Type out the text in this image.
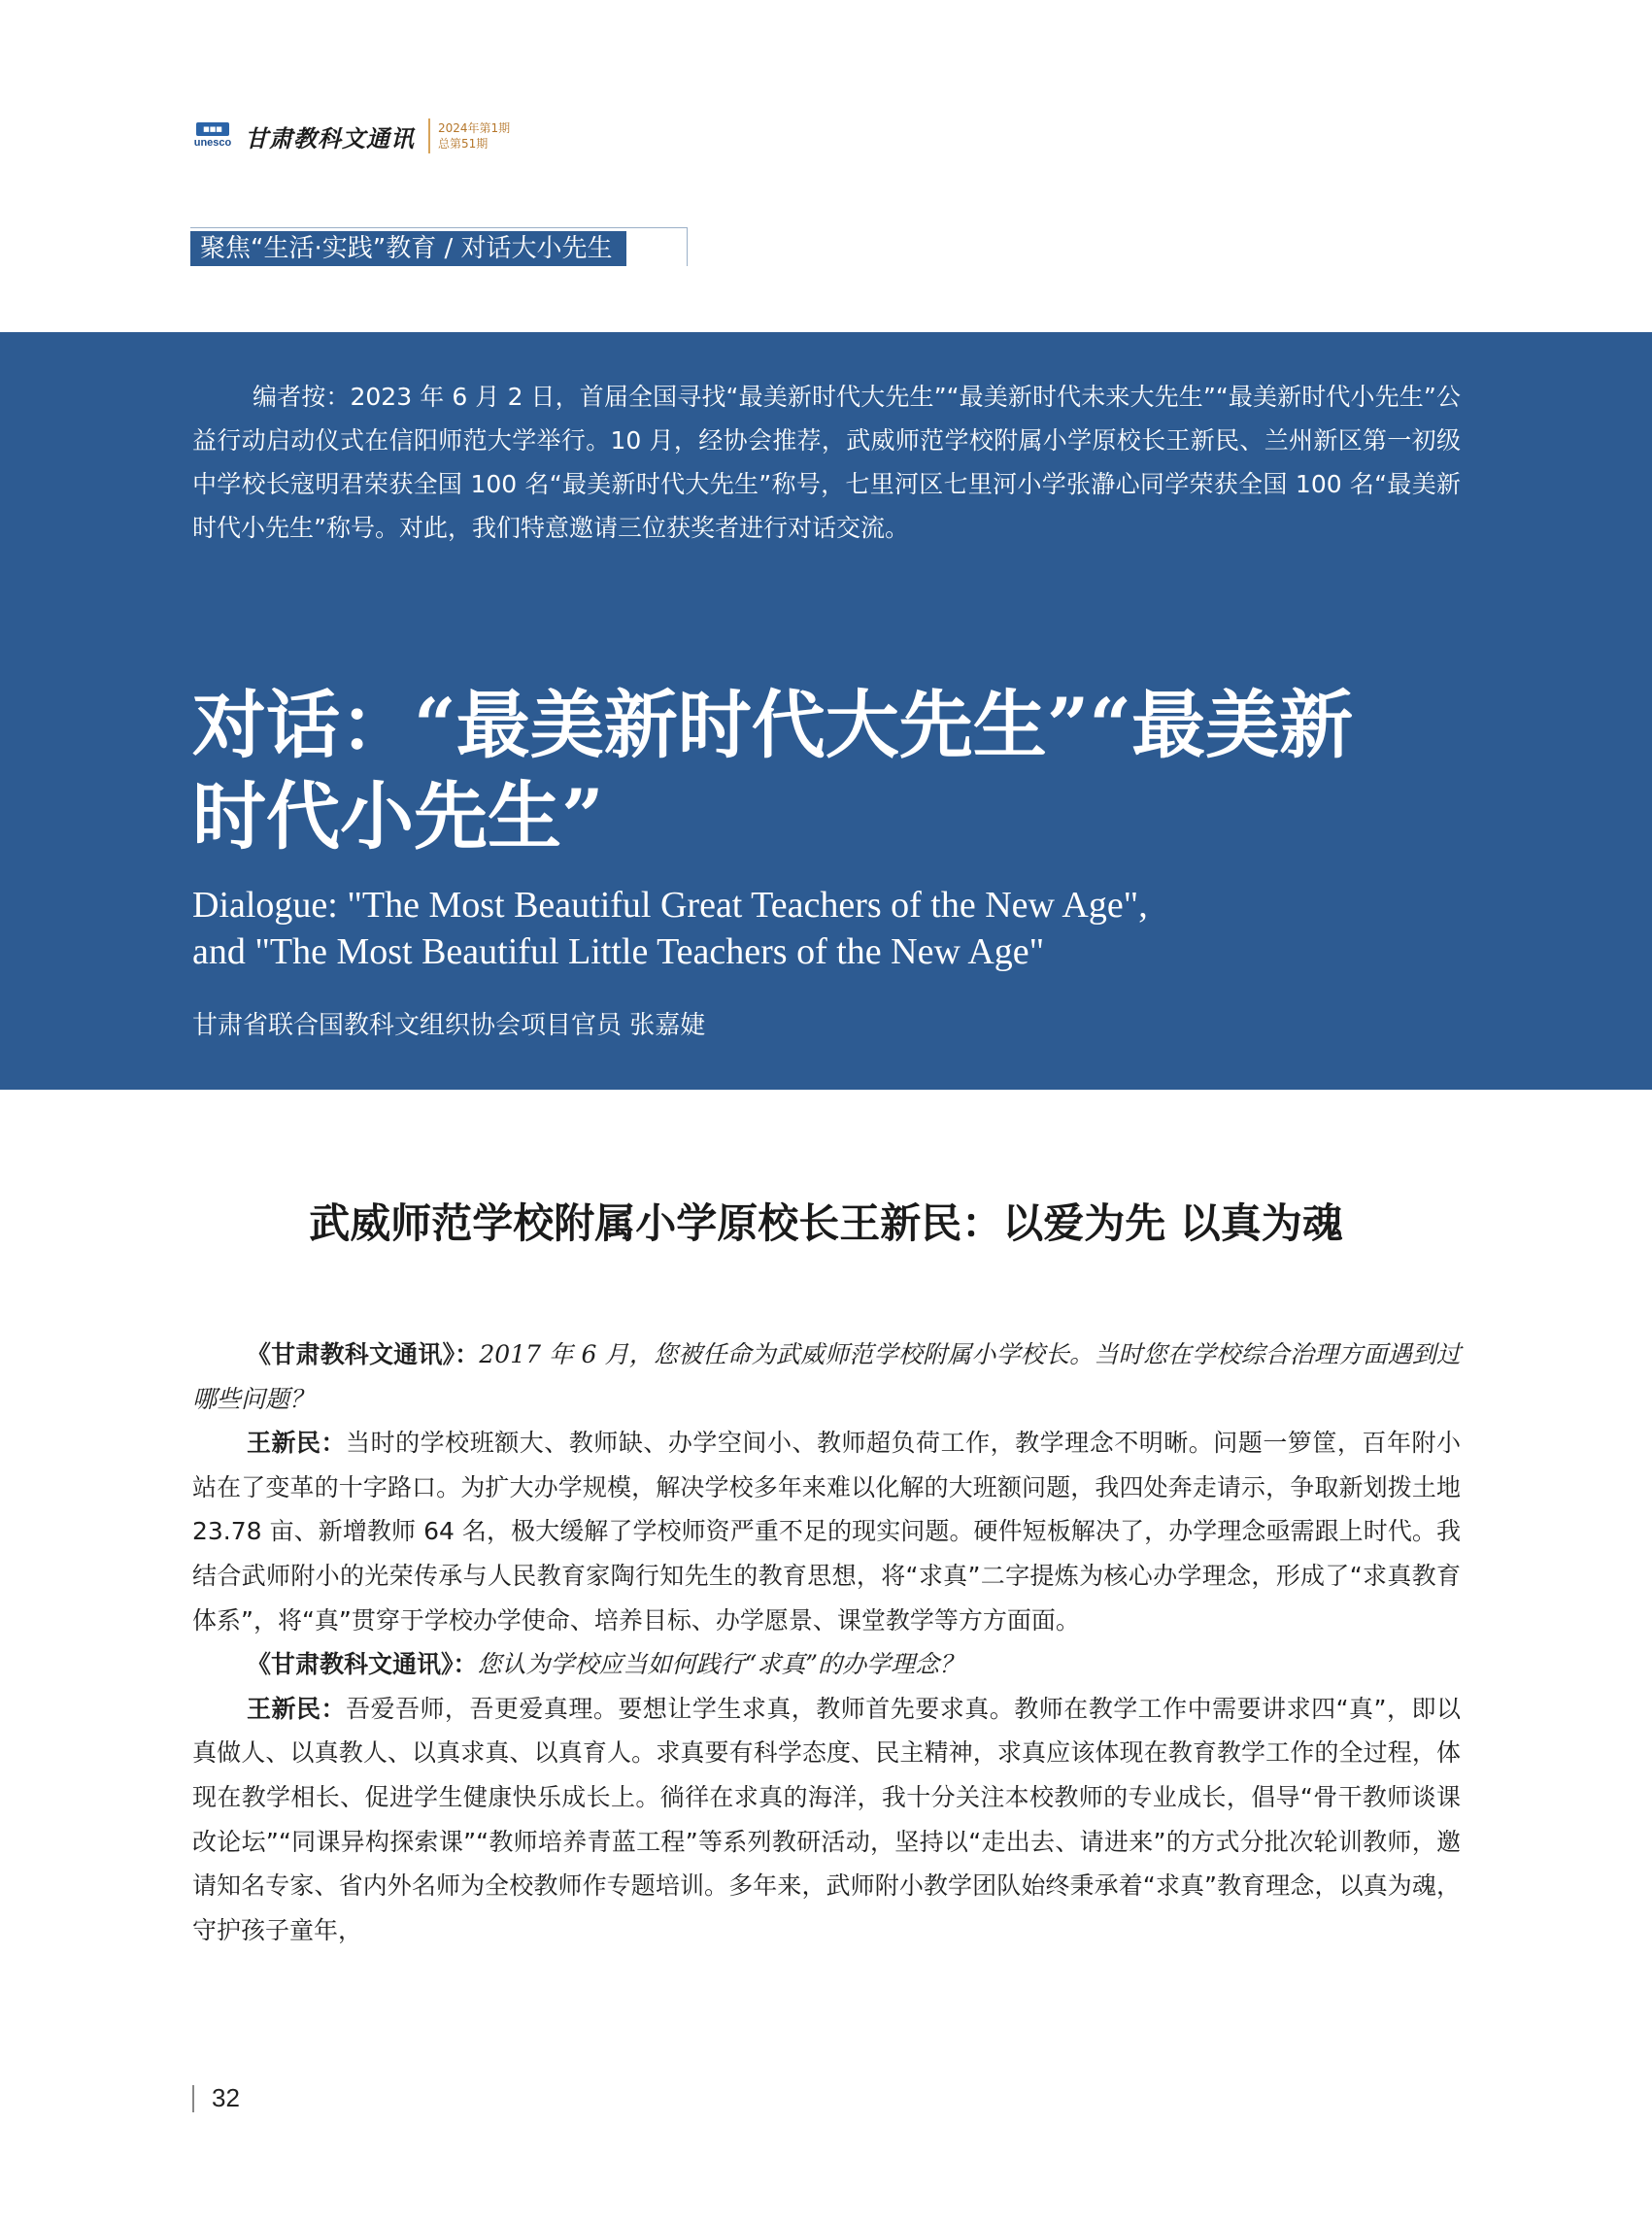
■■■
unesco 甘肃教科文通讯 2024年第1期
总第51期
聚焦“生活·实践”教育 / 对话大小先生
编者按：2023 年 6 月 2 日，首届全国寻找“最美新时代大先生”“最美新时代未来大先生”“最美新时代小先生”公益行动启动仪式在信阳师范大学举行。10 月，经协会推荐，武威师范学校附属小学原校长王新民、兰州新区第一初级中学校长寇明君荣获全国 100 名“最美新时代大先生”称号，七里河区七里河小学张瀞心同学荣获全国 100 名“最美新时代小先生”称号。对此，我们特意邀请三位获奖者进行对话交流。
对话：“最美新时代大先生”“最美新
时代小先生”
Dialogue: "The Most Beautiful Great Teachers of the New Age",
and "The Most Beautiful Little Teachers of the New Age"
甘肃省联合国教科文组织协会项目官员 张嘉婕
武威师范学校附属小学原校长王新民：以爱为先 以真为魂

《甘肃教科文通讯》：2017 年 6 月，您被任命为武威师范学校附属小学校长。当时您在学校综合治理方面遇到过哪些问题？

王新民：当时的学校班额大、教师缺、办学空间小、教师超负荷工作，教学理念不明晰。问题一箩筐，百年附小站在了变革的十字路口。为扩大办学规模，解决学校多年来难以化解的大班额问题，我四处奔走请示，争取新划拨土地 23.78 亩、新增教师 64 名，极大缓解了学校师资严重不足的现实问题。硬件短板解决了，办学理念亟需跟上时代。我结合武师附小的光荣传承与人民教育家陶行知先生的教育思想，将“求真”二字提炼为核心办学理念，形成了“求真教育体系”，将“真”贯穿于学校办学使命、培养目标、办学愿景、课堂教学等方方面面。

《甘肃教科文通讯》：您认为学校应当如何践行“求真”的办学理念？

王新民：吾爱吾师，吾更爱真理。要想让学生求真，教师首先要求真。教师在教学工作中需要讲求四“真”，即以真做人、以真教人、以真求真、以真育人。求真要有科学态度、民主精神，求真应该体现在教育教学工作的全过程，体现在教学相长、促进学生健康快乐成长上。徜徉在求真的海洋，我十分关注本校教师的专业成长，倡导“骨干教师谈课改论坛”“同课异构探索课”“教师培养青蓝工程”等系列教研活动，坚持以“走出去、请进来”的方式分批次轮训教师，邀请知名专家、省内外名师为全校教师作专题培训。多年来，武师附小教学团队始终秉承着“求真”教育理念，以真为魂，守护孩子童年，

32
